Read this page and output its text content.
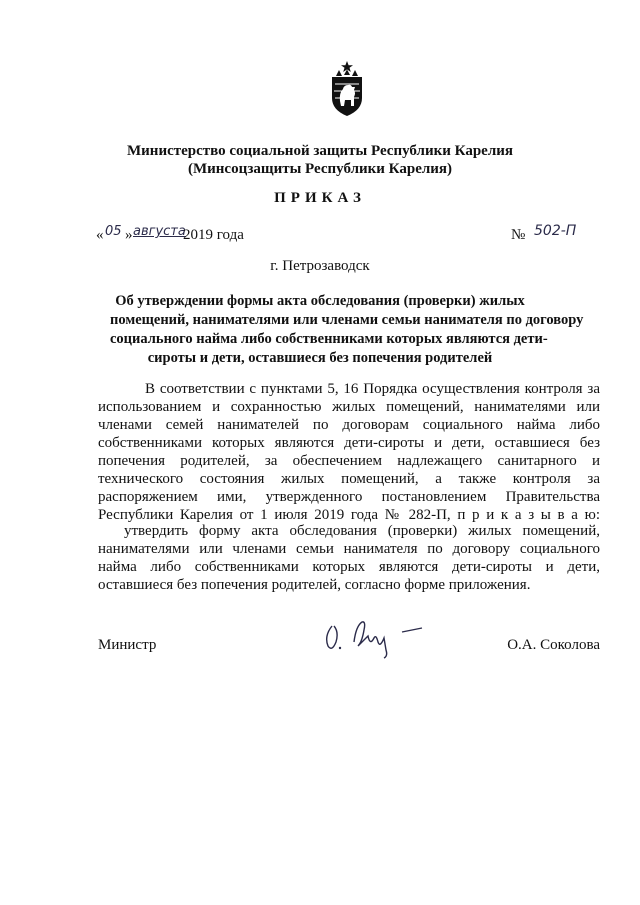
Министерство социальной защиты Республики Карелия
(Минсоцзащиты Республики Карелия)
ПРИКАЗ
« 05 » августа
2019 года	№ 502-П
г. Петрозаводск
Об утверждении формы акта обследования (проверки) жилых
помещений, нанимателями или членами семьи нанимателя по договору
социального найма либо собственниками которых являются дети-
сироты и дети, оставшиеся без попечения родителей
В соответствии с пунктами 5, 16 Порядка осуществления контроля за
использованием и сохранностью жилых помещений, нанимателями или
членами семей нанимателей по договорам социального найма либо
собственниками которых являются дети-сироты и дети, оставшиеся без
попечения родителей, за обеспечением надлежащего санитарного и
технического состояния жилых помещений, а также контроля за
распоряжением ими, утвержденного постановлением Правительства
Республики Карелия от 1 июля 2019 года № 282-П, п р и к а з ы в а ю:
утвердить форму акта обследования (проверки) жилых помещений,
нанимателями или членами семьи нанимателя по договору социального
найма либо собственниками которых являются дети-сироты и дети,
оставшиеся без попечения родителей, согласно форме приложения.
Министр	О.А. Соколова
